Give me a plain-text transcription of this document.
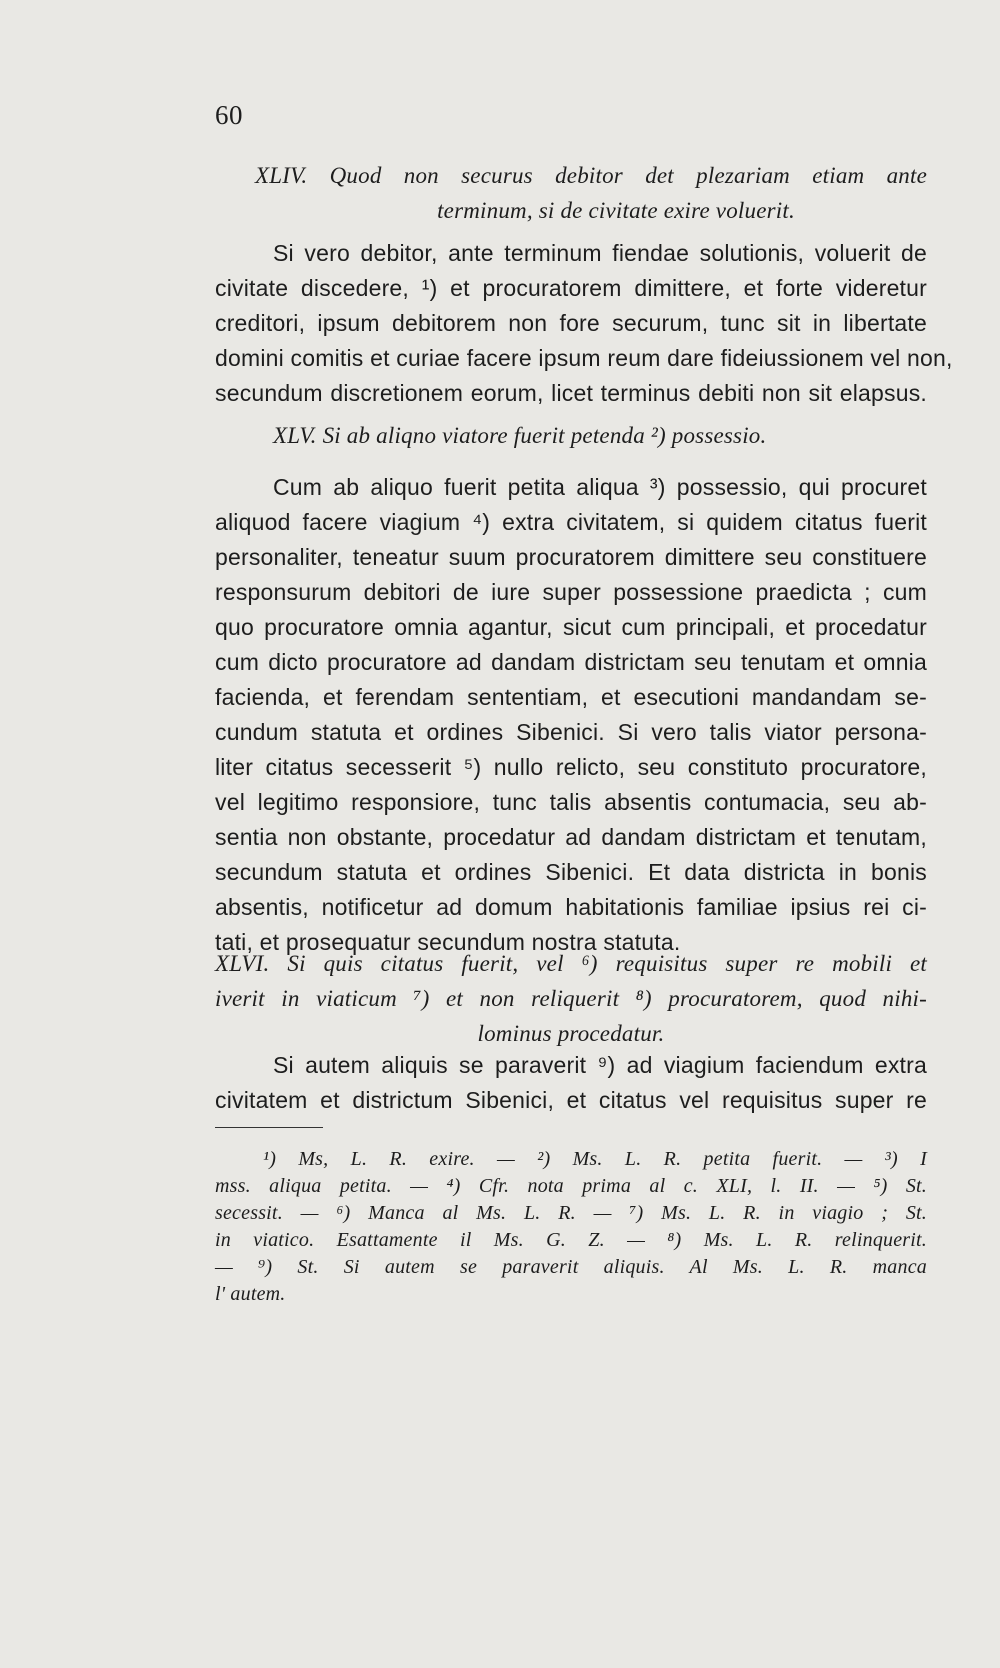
60
XLIV. Quod non securus debitor det plezariam etiam ante
terminum, si de civitate exire voluerit.
Si vero debitor, ante terminum fiendae solutionis, voluerit de
civitate discedere, ¹) et procuratorem dimittere, et forte videretur
creditori, ipsum debitorem non fore securum, tunc sit in libertate
domini comitis et curiae facere ipsum reum dare fideiussionem vel non,
secundum discretionem eorum, licet terminus debiti non sit elapsus.
XLV. Si ab aliqno viatore fuerit petenda ²) possessio.
Cum ab aliquo fuerit petita aliqua ³) possessio, qui procuret
aliquod facere viagium ⁴) extra civitatem, si quidem citatus fuerit
personaliter, teneatur suum procuratorem dimittere seu constituere
responsurum debitori de iure super possessione praedicta ; cum
quo procuratore omnia agantur, sicut cum principali, et procedatur
cum dicto procuratore ad dandam districtam seu tenutam et omnia
facienda, et ferendam sententiam, et esecutioni mandandam se-
cundum statuta et ordines Sibenici. Si vero talis viator persona-
liter citatus secesserit ⁵) nullo relicto, seu constituto procuratore,
vel legitimo responsiore, tunc talis absentis contumacia, seu ab-
sentia non obstante, procedatur ad dandam districtam et tenutam,
secundum statuta et ordines Sibenici. Et data districta in bonis
absentis, notificetur ad domum habitationis familiae ipsius rei ci-
tati, et prosequatur secundum nostra statuta.
XLVI. Si quis citatus fuerit, vel ⁶) requisitus super re mobili et
iverit in viaticum ⁷) et non reliquerit ⁸) procuratorem, quod nihi-
lominus procedatur.
Si autem aliquis se paraverit ⁹) ad viagium faciendum extra
civitatem et districtum Sibenici, et citatus vel requisitus super re
¹) Ms, L. R. exire. — ²) Ms. L. R. petita fuerit. — ³) I
mss. aliqua petita. — ⁴) Cfr. nota prima al c. XLI, l. II. — ⁵) St.
secessit. — ⁶) Manca al Ms. L. R. — ⁷) Ms. L. R. in viagio ; St.
in viatico. Esattamente il Ms. G. Z. — ⁸) Ms. L. R. relinquerit.
— ⁹) St. Si autem se paraverit aliquis. Al Ms. L. R. manca
l' autem.
